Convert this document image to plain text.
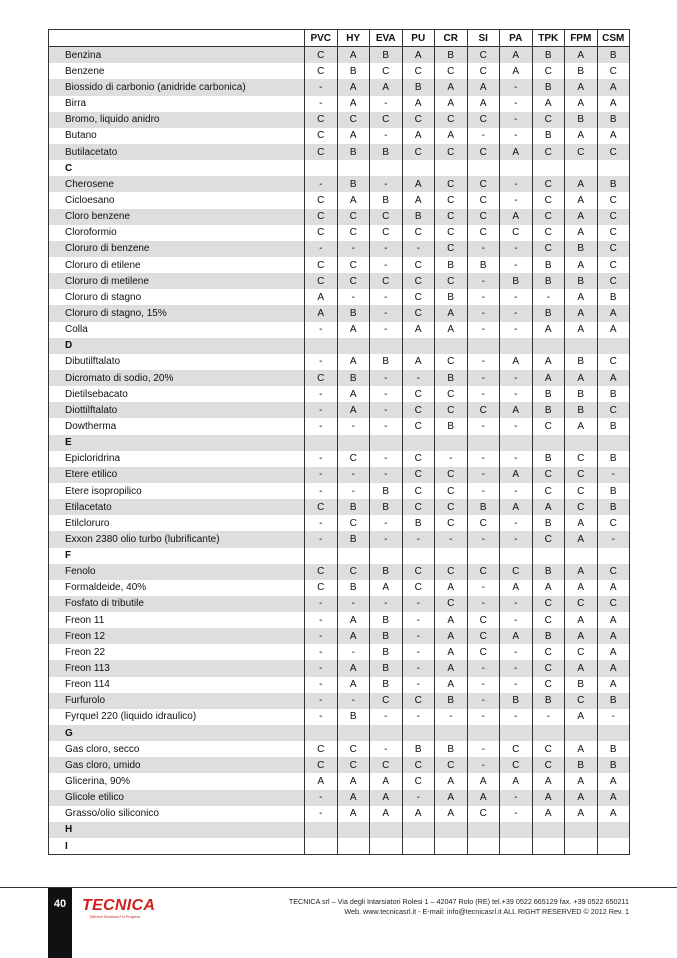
	PVC	HY	EVA	PU	CR	SI	PA	TPK	FPM	CSM
Benzina	C	A	B	A	B	C	A	B	A	B
Benzene	C	B	C	C	C	C	A	C	B	C
Biossido di carbonio (anidride carbonica)	-	A	A	B	A	A	-	B	A	A
Birra	-	A	-	A	A	A	-	A	A	A
Bromo, liquido anidro	C	C	C	C	C	C	-	C	B	B
Butano	C	A	-	A	A	-	-	B	A	A
Butilacetato	C	B	B	C	C	C	A	C	C	C
C										
Cherosene	-	B	-	A	C	C	-	C	A	B
Cicloesano	C	A	B	A	C	C	-	C	A	C
Cloro benzene	C	C	C	B	C	C	A	C	A	C
Cloroformio	C	C	C	C	C	C	C	C	A	C
Cloruro di benzene	-	-	-	-	C	-	-	C	B	C
Cloruro di etilene	C	C	-	C	B	B	-	B	A	C
Cloruro di metilene	C	C	C	C	C	-	B	B	B	C
Cloruro di stagno	A	-	-	C	B	-	-	-	A	B
Cloruro di stagno, 15%	A	B	-	C	A	-	-	B	A	A
Colla	-	A	-	A	A	-	-	A	A	A
D										
Dibutilftalato	-	A	B	A	C	-	A	A	B	C
Dicromato di sodio, 20%	C	B	-	-	B	-	-	A	A	A
Dietilsebacato	-	A	-	C	C	-	-	B	B	B
Diottilftalato	-	A	-	C	C	C	A	B	B	C
Dowtherma	-	-	-	C	B	-	-	C	A	B
E										
Epicloridrina	-	C	-	C	-	-	-	B	C	B
Etere etilico	-	-	-	C	C	-	A	C	C	-
Etere isopropilico	-	-	B	C	C	-	-	C	C	B
Etilacetato	C	B	B	C	C	B	A	A	C	B
Etilcloruro	-	C	-	B	C	C	-	B	A	C
Exxon 2380 olio turbo (lubrificante)	-	B	-	-	-	-	-	C	A	-
F										
Fenolo	C	C	B	C	C	C	C	B	A	C
Formaldeide, 40%	C	B	A	C	A	-	A	A	A	A
Fosfato di tributile	-	-	-	-	C	-	-	C	C	C
Freon 11	-	A	B	-	A	C	-	C	A	A
Freon 12	-	A	B	-	A	C	A	B	A	A
Freon 22	-	-	B	-	A	C	-	C	C	A
Freon 113	-	A	B	-	A	-	-	C	A	A
Freon 114	-	A	B	-	A	-	-	C	B	A
Furfurolo	-	-	C	C	B	-	B	B	C	B
Fyrquel 220 (liquido idraulico)	-	B	-	-	-	-	-	-	A	-
G										
Gas cloro, secco	C	C	-	B	B	-	C	C	A	B
Gas cloro, umido	C	C	C	C	C	-	C	C	B	B
Glicerina, 90%	A	A	A	C	A	A	A	A	A	A
Glicole etilico	-	A	A	-	A	A	-	A	A	A
Grasso/olio siliconico	-	A	A	A	A	C	-	A	A	A
H										
I										
40 TECNICA
Efficient Solutions For Progress
TECNICA srl – Via degli Intarsiatori Rolesi 1 – 42047 Rolo (RE) tel.+39 0522 665129 fax. +39 0522 650211
Web. www.tecnicasrl.it - E-mail: info@tecnicasrl.it ALL RIGHT RESERVED © 2012 Rev. 1
